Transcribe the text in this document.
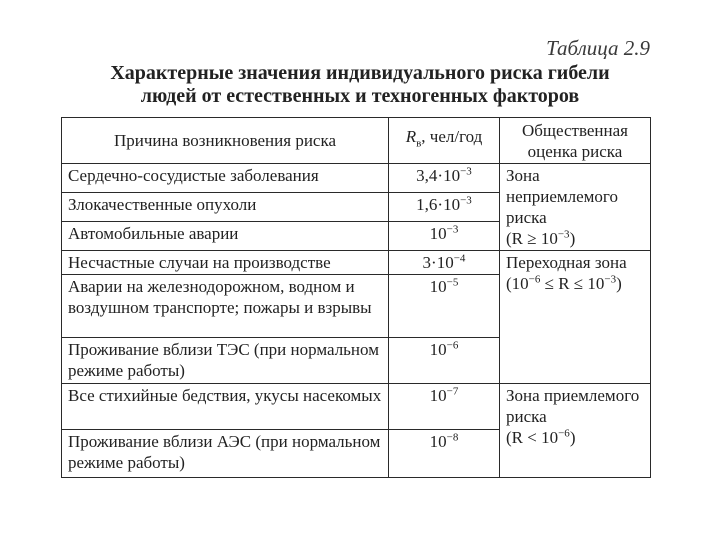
Таблица 2.9
Характерные значения индивидуального риска гибели
людей от естественных и техногенных факторов
Причина возникновения риска	$R_в$, чел/год	Общественная оценка риска
Сердечно-сосудистые заболевания	$3,4\cdot 10^{-3}$	Зона неприемлемого риска
$(R \ge 10^{-3})$
Злокачественные опухоли	$1,6\cdot 10^{-3}$
Автомобильные аварии	$10^{-3}$
Несчастные случаи на производстве	$3\cdot 10^{-4}$	Переходная зона
$(10^{-6} \le R \le 10^{-3})$
Аварии на железнодорожном, водном и воздушном транспорте; пожары и взрывы	$10^{-5}$
Проживание вблизи ТЭС (при нормальном режиме работы)	$10^{-6}$
Все стихийные бедствия, укусы насекомых	$10^{-7}$	Зона приемлемого риска
$(R < 10^{-6})$
Проживание вблизи АЭС (при нормальном режиме работы)	$10^{-8}$
